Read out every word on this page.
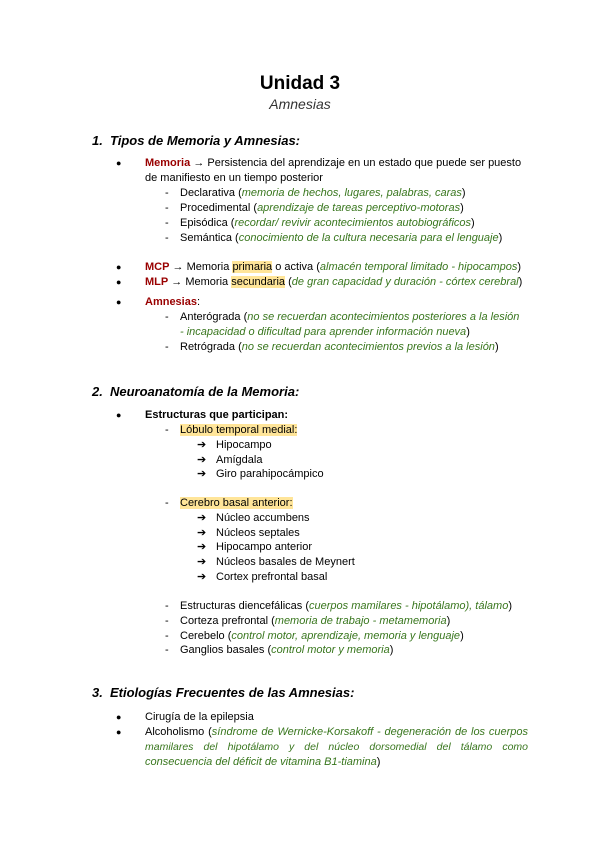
Unidad 3
Amnesias
1. Tipos de Memoria y Amnesias:
● Memoria → Persistencia del aprendizaje en un estado que puede ser puesto
de manifiesto en un tiempo posterior
- Declarativa (memoria de hechos, lugares, palabras, caras)
- Procedimental (aprendizaje de tareas perceptivo-motoras)
- Episódica (recordar/ revivir acontecimientos autobiográficos)
- Semántica (conocimiento de la cultura necesaria para el lenguaje)
● MCP → Memoria primaria o activa (almacén temporal limitado - hipocampos)
● MLP → Memoria secundaria (de gran capacidad y duración - córtex cerebral)
● Amnesias:
- Anterógrada (no se recuerdan acontecimientos posteriores a la lesión
- incapacidad o dificultad para aprender información nueva)
- Retrógrada (no se recuerdan acontecimientos previos a la lesión)
2. Neuroanatomía de la Memoria:
● Estructuras que participan:
- Lóbulo temporal medial:
➔ Hipocampo
➔ Amígdala
➔ Giro parahipocámpico
- Cerebro basal anterior:
➔ Núcleo accumbens
➔ Núcleos septales
➔ Hipocampo anterior
➔ Núcleos basales de Meynert
➔ Cortex prefrontal basal
- Estructuras diencefálicas (cuerpos mamilares - hipotálamo), tálamo)
- Corteza prefrontal (memoria de trabajo - metamemoria)
- Cerebelo (control motor, aprendizaje, memoria y lenguaje)
- Ganglios basales (control motor y memoria)
3. Etiologías Frecuentes de las Amnesias:
● Cirugía de la epilepsia
● Alcoholismo (síndrome de Wernicke-Korsakoff - degeneración de los cuerpos
mamilares del hipotálamo y del núcleo dorsomedial del tálamo como
consecuencia del déficit de vitamina B1-tiamina)
